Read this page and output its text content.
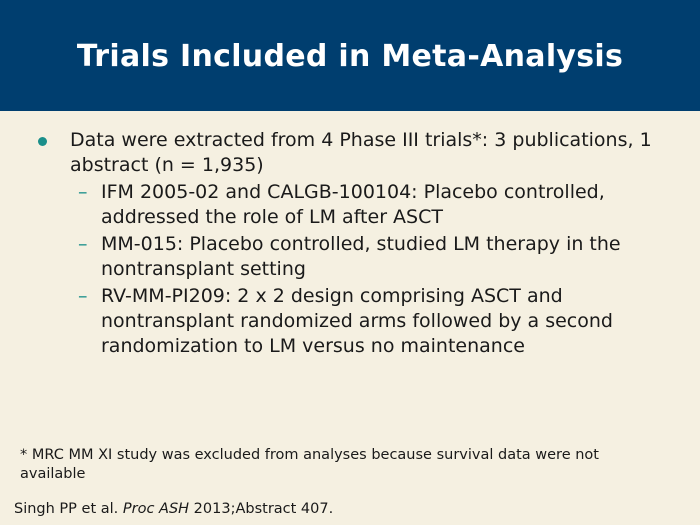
Trials Included in Meta-Analysis
Data were extracted from 4 Phase III trials*: 3 publications, 1 abstract (n = 1,935)
– IFM 2005-02 and CALGB-100104: Placebo controlled, addressed the role of LM after ASCT
– MM-015: Placebo controlled, studied LM therapy in the nontransplant setting
– RV-MM-PI209: 2 x 2 design comprising ASCT and nontransplant randomized arms followed by a second randomization to LM versus no maintenance
* MRC MM XI study was excluded from analyses because survival data were not available
Singh PP et al. Proc ASH 2013;Abstract 407.
